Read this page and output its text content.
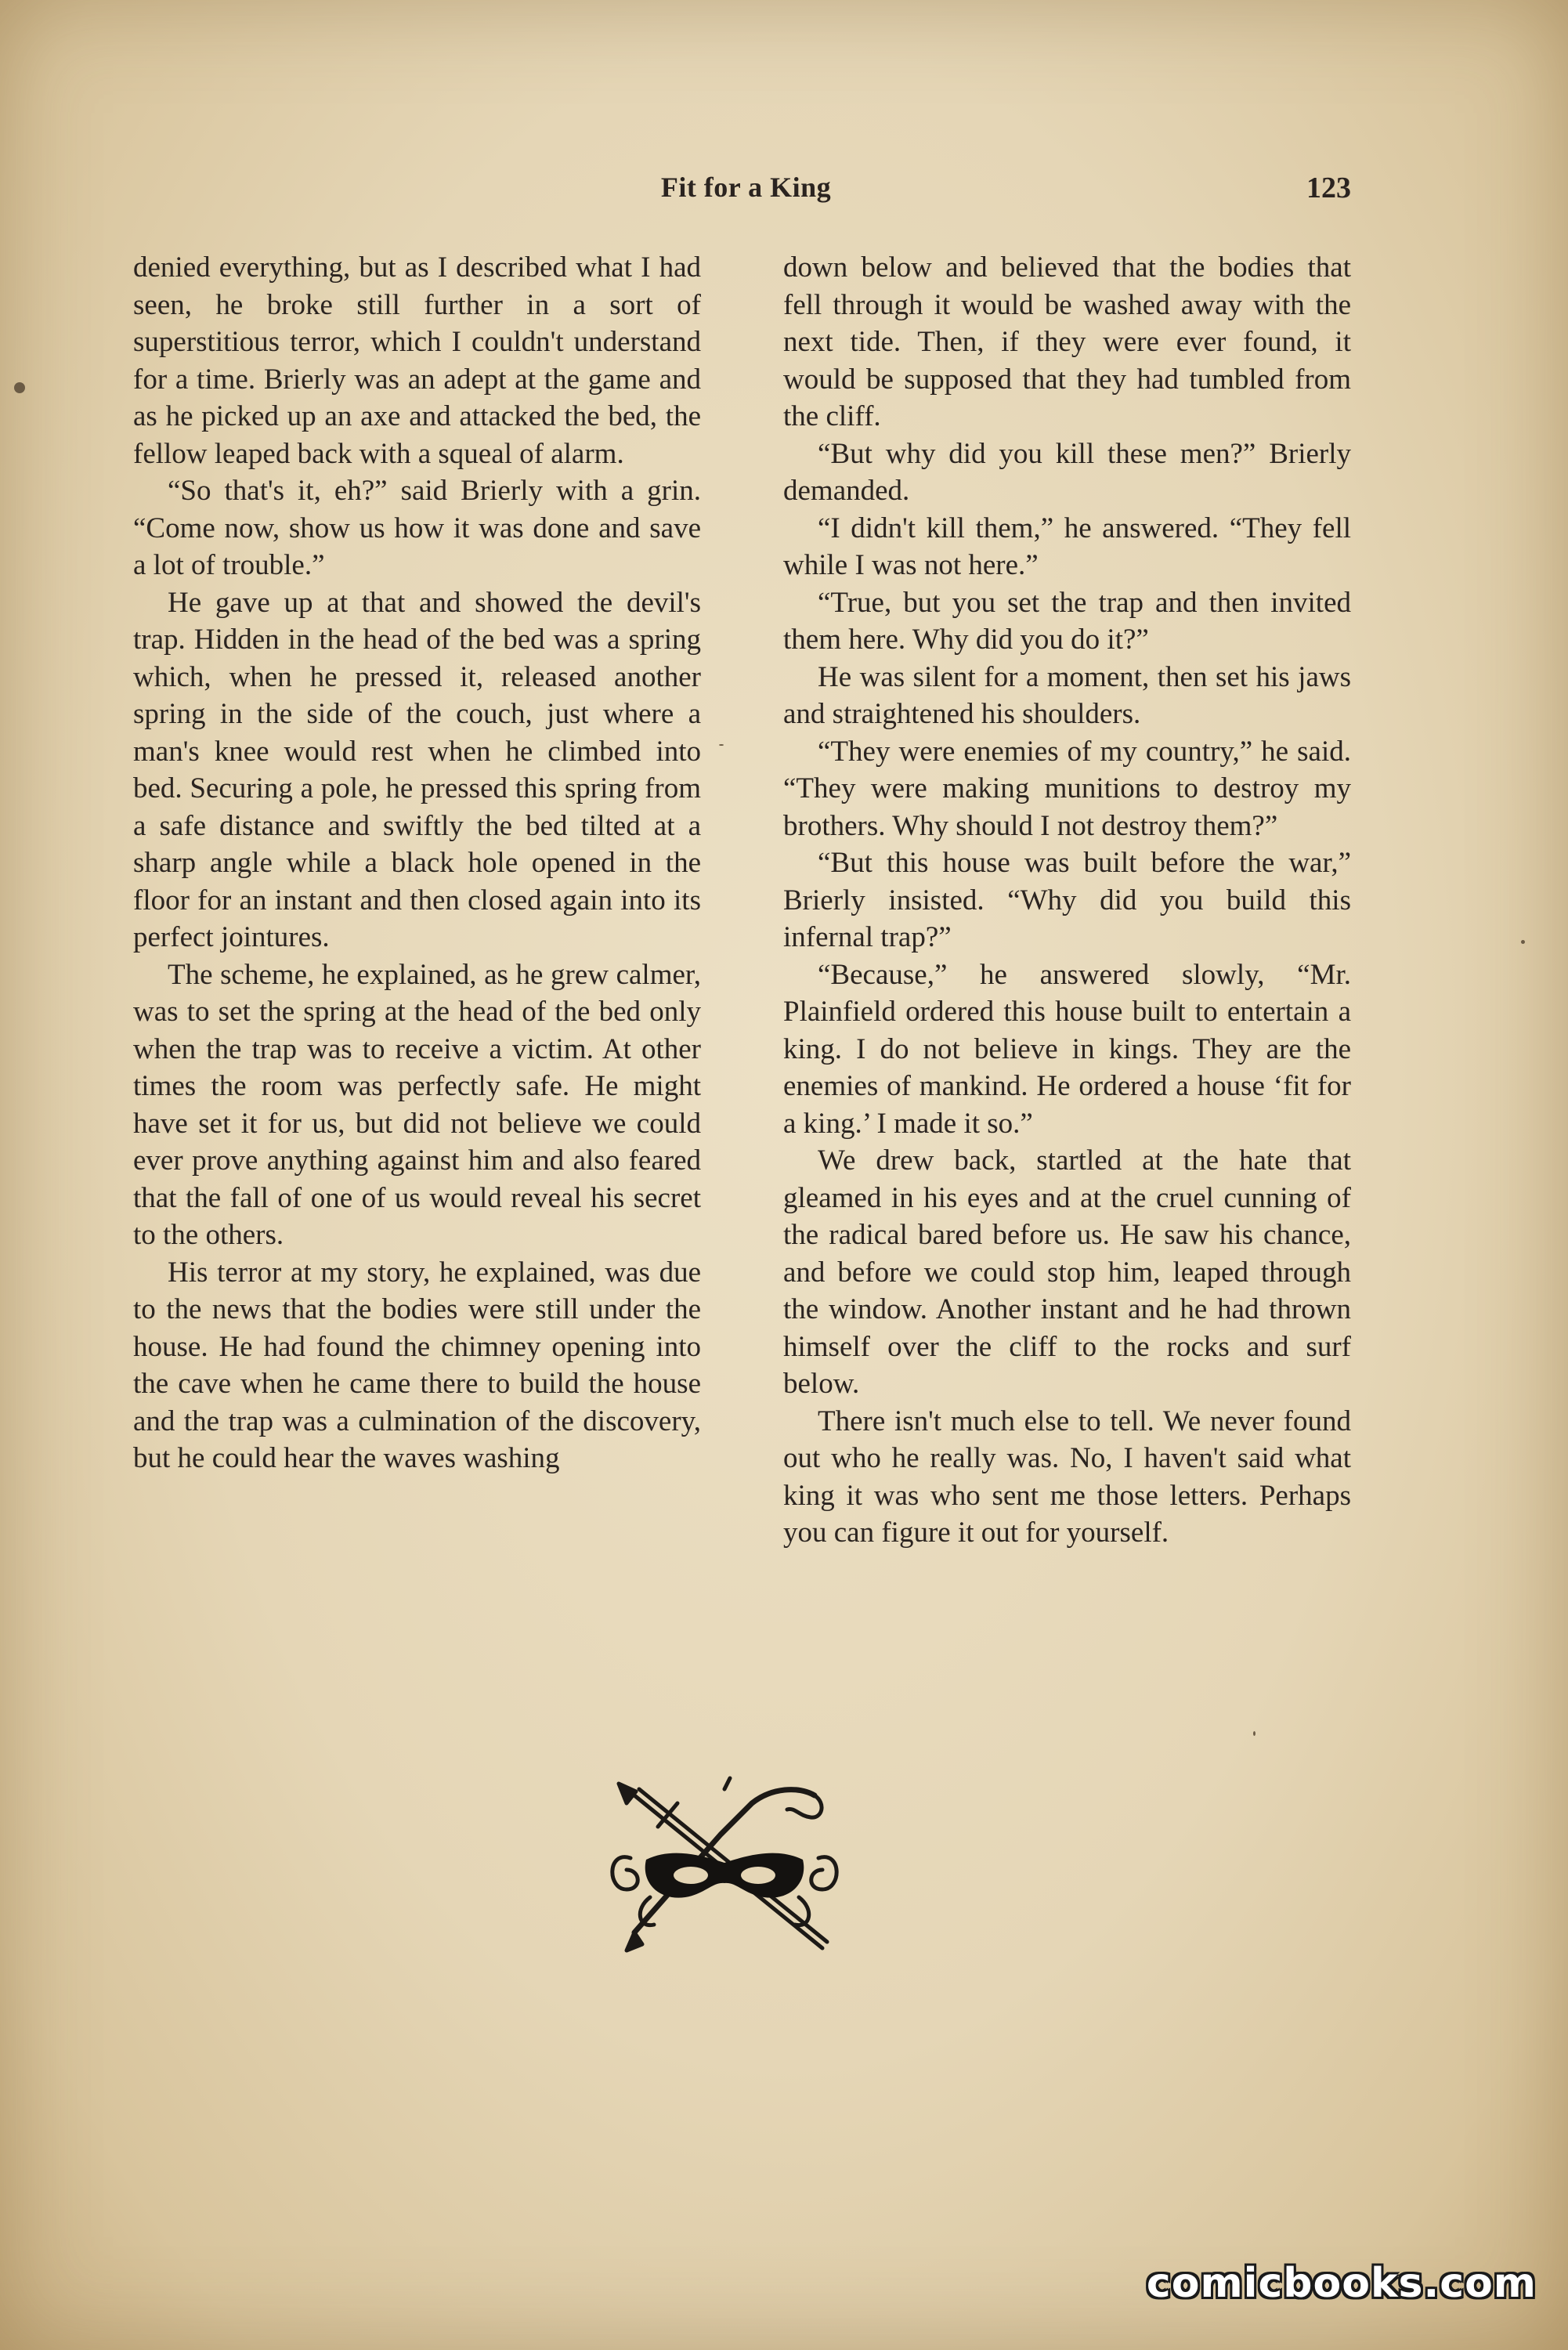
Fit for a King	123

denied everything, but as I described what I had seen, he broke still further in a sort of superstitious terror, which I couldn't understand for a time. Brierly was an adept at the game and as he picked up an axe and attacked the bed, the fellow leaped back with a squeal of alarm.

“So that's it, eh?” said Brierly with a grin. “Come now, show us how it was done and save a lot of trouble.”

He gave up at that and showed the devil's trap. Hidden in the head of the bed was a spring which, when he pressed it, released another spring in the side of the couch, just where a man's knee would rest when he climbed into bed. Securing a pole, he pressed this spring from a safe distance and swiftly the bed tilted at a sharp angle while a black hole opened in the floor for an instant and then closed again into its perfect jointures.

The scheme, he explained, as he grew calmer, was to set the spring at the head of the bed only when the trap was to receive a victim. At other times the room was perfectly safe. He might have set it for us, but did not believe we could ever prove anything against him and also feared that the fall of one of us would reveal his secret to the others.

His terror at my story, he explained, was due to the news that the bodies were still under the house. He had found the chimney opening into the cave when he came there to build the house and the trap was a culmination of the discovery, but he could hear the waves washing

down below and believed that the bodies that fell through it would be washed away with the next tide. Then, if they were ever found, it would be supposed that they had tumbled from the cliff.

“But why did you kill these men?” Brierly demanded.

“I didn't kill them,” he answered. “They fell while I was not here.”

“True, but you set the trap and then invited them here. Why did you do it?”

He was silent for a moment, then set his jaws and straightened his shoulders.

“They were enemies of my country,” he said. “They were making munitions to destroy my brothers. Why should I not destroy them?”

“But this house was built before the war,” Brierly insisted. “Why did you build this infernal trap?”

“Because,” he answered slowly, “Mr. Plainfield ordered this house built to entertain a king. I do not believe in kings. They are the enemies of mankind. He ordered a house ‘fit for a king.’ I made it so.”

We drew back, startled at the hate that gleamed in his eyes and at the cruel cunning of the radical bared before us. He saw his chance, and before we could stop him, leaped through the window. Another instant and he had thrown himself over the cliff to the rocks and surf below.

There isn't much else to tell. We never found out who he really was. No, I haven't said what king it was who sent me those letters. Perhaps you can figure it out for yourself.

comicbooks.com
